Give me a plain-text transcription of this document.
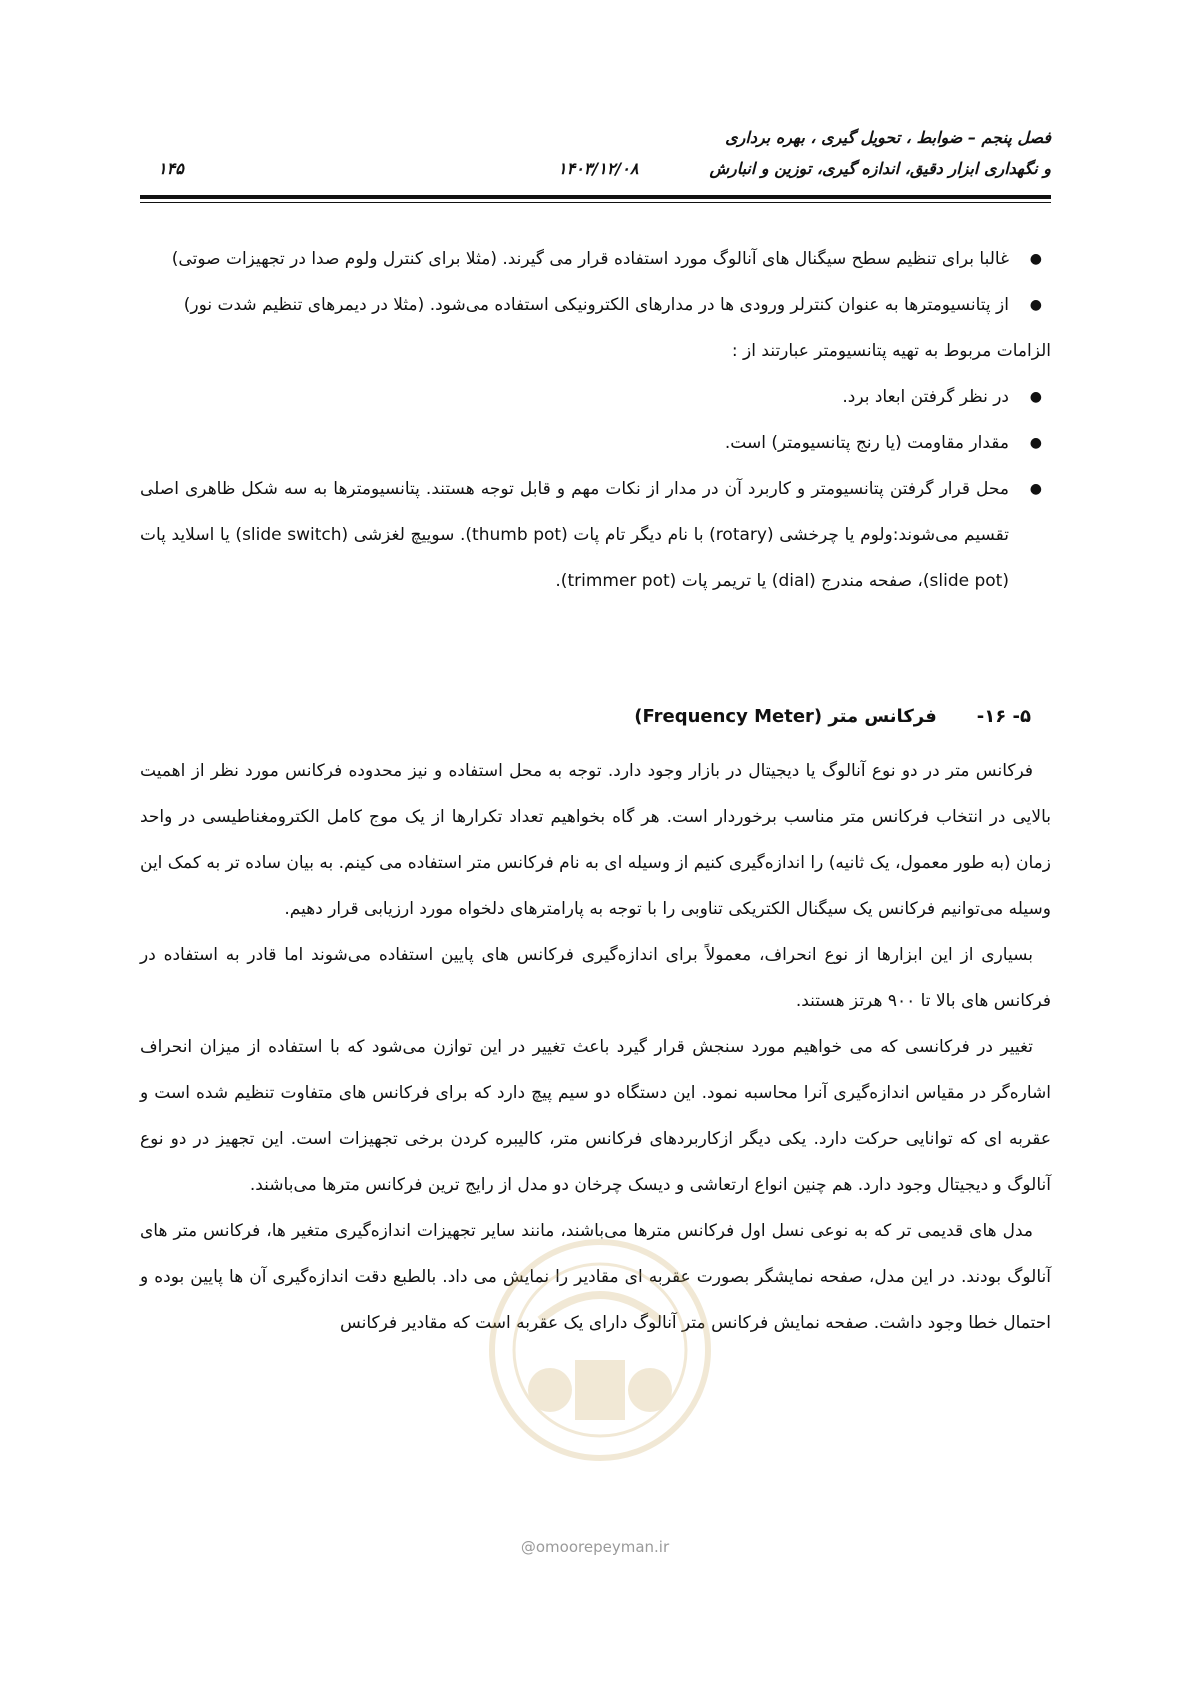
فصل پنجم – ضوابط ، تحویل گیری ، بهره برداری
و نگهداری ابزار دقیق، اندازه گیری، توزین و انبارش
۱۴۰۳/۱۲/۰۸
۱۴۵
●
غالبا برای تنظیم سطح سیگنال های آنالوگ مورد استفاده قرار می گیرند. (مثلا برای کنترل ولوم صدا در تجهیزات صوتی)
●
از پتانسیومترها به عنوان کنترلر ورودی ها در مدارهای الکترونیکی استفاده می‌شود. (مثلا در دیمرهای تنظیم شدت نور)

الزامات مربوط به تهیه پتانسیومتر عبارتند از :

●
در نظر گرفتن ابعاد برد.
●
مقدار مقاومت (یا رنج پتانسیومتر) است.
●
محل قرار گرفتن پتانسیومتر و کاربرد آن در مدار از نکات مهم و قابل توجه هستند. پتانسیومترها به سه شکل ظاهری اصلی تقسیم می‌شوند:ولوم یا چرخشی (rotary) با نام دیگر تام پات (thumb pot). سوییچ لغزشی (slide switch) یا اسلاید پات (slide pot)، صفحه مندرج (dial) یا تریمر پات (trimmer pot).
۵- ۱۶-
فرکانس متر (Frequency Meter)

فرکانس متر در دو نوع آنالوگ یا دیجیتال در بازار وجود دارد. توجه به محل استفاده و نیز محدوده فرکانس مورد نظر از اهمیت بالایی در انتخاب فرکانس متر مناسب برخوردار است. هر گاه بخواهیم تعداد تکرارها از یک موج کامل الکترومغناطیسی در واحد زمان (به طور معمول، یک ثانیه) را اندازه‌گیری کنیم از وسیله ای به نام فرکانس متر استفاده می کینم. به بیان ساده تر به کمک این وسیله می‌توانیم فرکانس یک سیگنال الکتریکی تناوبی را با توجه به پارامترهای دلخواه مورد ارزیابی قرار دهیم.

بسیاری از این ابزارها از نوع انحراف، معمولاً برای اندازه‌گیری فرکانس های پایین استفاده می‌شوند اما قادر به استفاده در فرکانس های بالا تا ۹۰۰ هرتز هستند.

تغییر در فرکانسی که می خواهیم مورد سنجش قرار گیرد باعث تغییر در این توازن می‌شود که با استفاده از میزان انحراف اشاره‌گر در مقیاس اندازه‌گیری آنرا محاسبه نمود. این دستگاه دو سیم پیچ دارد که برای فرکانس های متفاوت تنظیم شده است و عقربه ای که توانایی حرکت دارد. یکی دیگر ازکاربردهای فرکانس متر، کالیبره کردن برخی تجهیزات است. این تجهیز در دو نوع آنالوگ و دیجیتال وجود دارد. هم چنین انواع ارتعاشی و دیسک چرخان دو مدل از رایج ترین فرکانس مترها می‌باشند.

مدل های قدیمی تر که به نوعی نسل اول فرکانس مترها می‌باشند، مانند سایر تجهیزات اندازه‌گیری متغیر ها، فرکانس متر های آنالوگ بودند. در این مدل، صفحه نمایشگر بصورت عقربه ای مقادیر را نمایش می داد. بالطبع دقت اندازه‌گیری آن ها پایین بوده و احتمال خطا وجود داشت. صفحه نمایش فرکانس متر آنالوگ دارای یک عقربه است که مقادیر فرکانس

@omoorepeyman.ir
